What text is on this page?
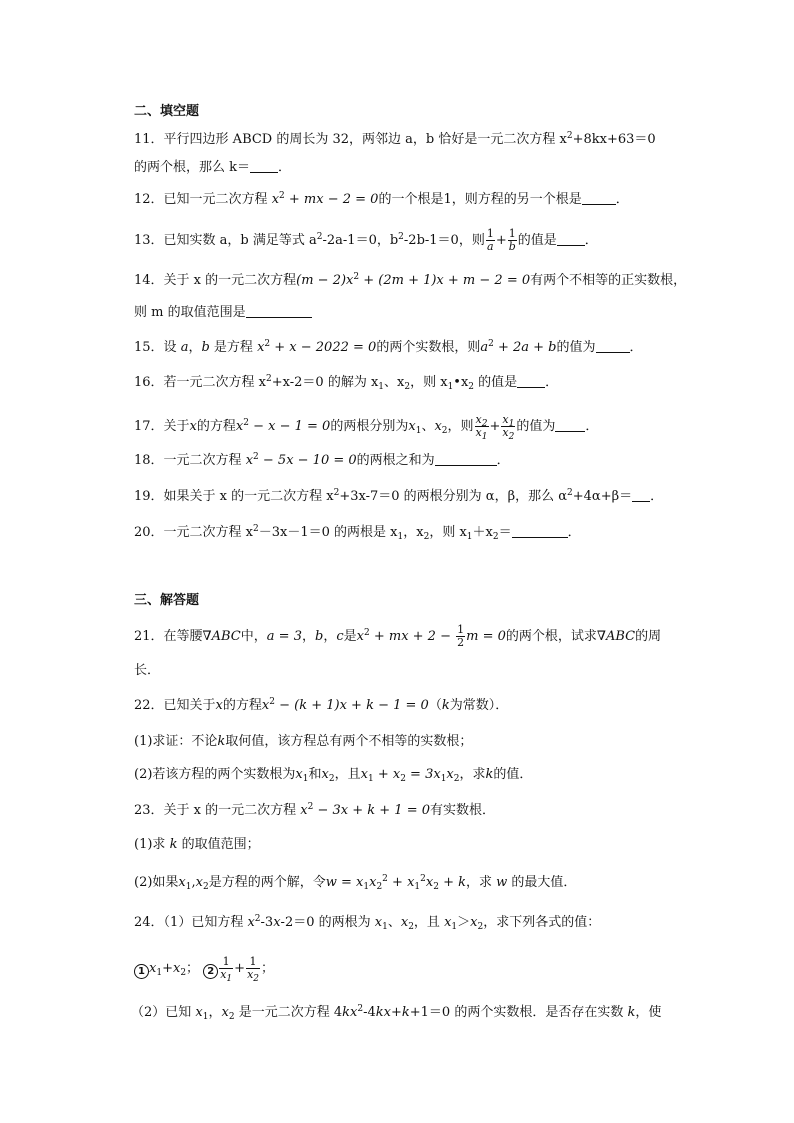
二、填空题
11．平行四边形 ABCD 的周长为 32，两邻边 a，b 恰好是一元二次方程 $x^2+8kx+63=0$
的两个根，那么 k＝ ．
12．已知一元二次方程 $x^2$ + mx − 2 = 0的一个根是1，则方程的另一个根是	．
13．已知实数 a，b 满足等式 $a^2-2a-1=0$，$b^2-2b-1=0$，则 $\frac{1}{a} + \frac{1}{b}$ 的值是 ．
14．关于 x 的一元二次方程$(m - 2)x^2 + (2m + 1)x + m - 2 = 0$有两个不相等的正实数根，
则 m 的取值范围是
15．设 a，b 是方程 $x^2 + x - 2022 = 0$的两个实数根，则$a^2 + 2a + b$的值为	．
16．若一元二次方程 $x^2+x-2=0$ 的解为 $x_1$、$x_2$，则 $x_1•x_2$ 的值是 ．
17．关于x的方程$x^2 - x - 1 = 0$的两根分别为$x_1$、$x_2$，则 $\frac{x_2}{x_1} + \frac{x_1}{x_2}$ 的值为 ．
18．一元二次方程 $x^2 - 5x - 10 = 0$的两根之和为	．
19．如果关于 x 的一元二次方程 $x^2+3x-7=0$ 的两根分别为 α，β，那么 $\alpha^2+4\alpha+\beta=$ ．
20．一元二次方程 $x^2-3x-1=0$ 的两根是 $x_1$，$x_2$，则 $x_1+x_2=$	．
三、解答题
21．在等腰∇ABC中，a = 3，b，c是$x^2$ + mx + $2 - \frac{1}{2}$ m = 0的两个根，试求∇ABC的周
长．
22．已知关于x的方程$x^2 - (k + 1)x + k - 1 = 0(k$为常数）．
(1)求证：不论k取何值，该方程总有两个不相等的实数根；
(2)若该方程的两个实数根为$x_1$和$x_2$，且$x_1 + x_2 = 3x_1x_2$，求k的值．
23．关于 x 的一元二次方程 $x^2 - 3x + k + 1 = 0$有实数根．
(1)求 k 的取值范围；
(2)如果$x_1,x_2$是方程的两个解，令$w = x_1x_2^2 + x_1^2x_2 + k$，求 w 的最大值．
24．（1）已知方程 $x^2-3x-2=0$ 的两根为 $x_1$、$x_2$，且 $x_1>x_2$，求下列各式的值：
1 $x_1+x_2$； $2 \frac{1}{x_1} + \frac{1}{x_2}$ ；
（2）已知 $x_1$，$x_2$ 是一元二次方程 $4kx^2-4kx+k+1=0$ 的两个实数根．是否存在实数 k，使
